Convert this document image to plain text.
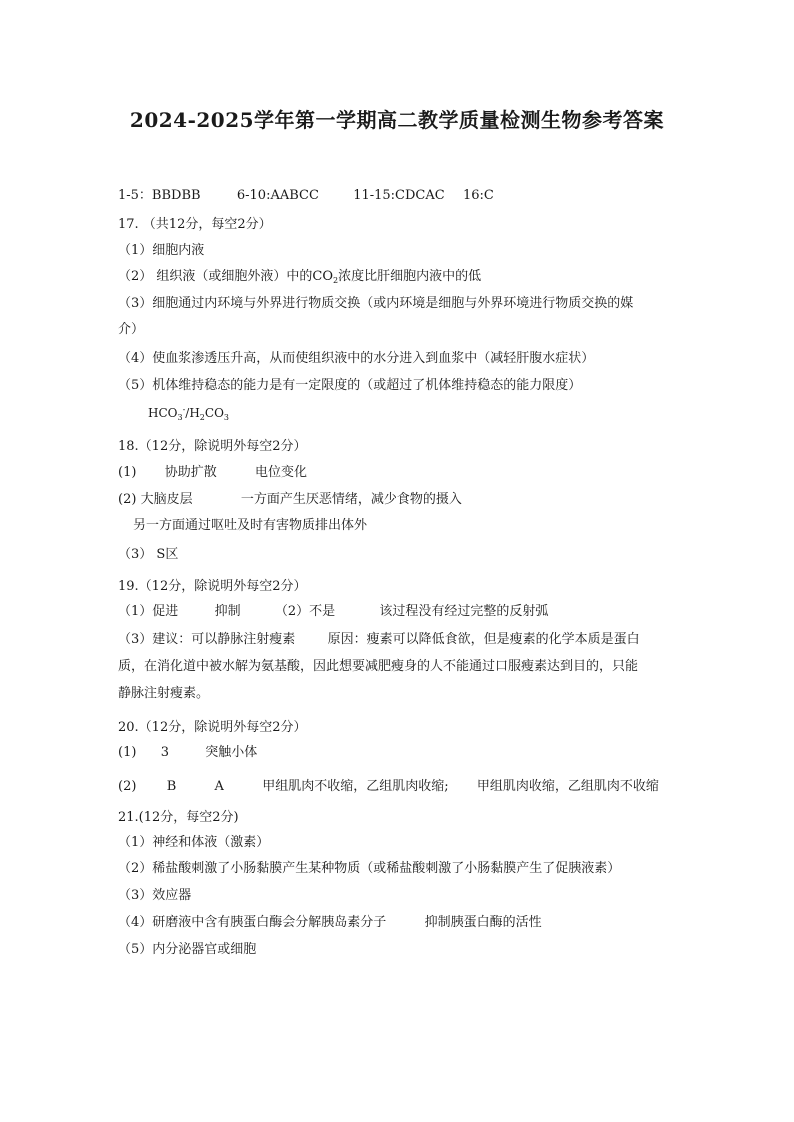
2024-2025学年第一学期高二教学质量检测生物参考答案
1-5：BBDBB	6-10:AABCC	11-15:CDCAC 16:C
17. （共12分，每空2分）
（1）细胞内液
（2） 组织液（或细胞外液）中的$CO_2$浓度比肝细胞内液中的低
（3）细胞通过内环境与外界进行物质交换（或内环境是细胞与外界环境进行物质交换的媒
介）
（4）使血浆渗透压升高，从而使组织液中的水分进入到血浆中（减轻肝腹水症状）
（5）机体维持稳态的能力是有一定限度的（或超过了机体维持稳态的能力限度）
$HCO_3^-/H_2CO_3$
18.（12分，除说明外每空2分）
(1) 协助扩散	电位变化
(2) 大脑皮层	一方面产生厌恶情绪，减少食物的摄入
另一方面通过呕吐及时有害物质排出体外
（3） S区
19.（12分，除说明外每空2分）
（1）促进	抑制	（2）不是	该过程没有经过完整的反射弧
（3）建议：可以静脉注射瘦素 原因：瘦素可以降低食欲，但是瘦素的化学本质是蛋白
质，在消化道中被水解为氨基酸，因此想要减肥瘦身的人不能通过口服瘦素达到目的，只能
静脉注射瘦素。
20.（12分，除说明外每空2分）
(1) 3	突触小体
(2) B	A	甲组肌肉不收缩，乙组肌肉收缩; 甲组肌肉收缩，乙组肌肉不收缩
21.(12分，每空2分)
（1）神经和体液（激素）
（2）稀盐酸刺激了小肠黏膜产生某种物质（或稀盐酸刺激了小肠黏膜产生了促胰液素）
（3）效应器
（4）研磨液中含有胰蛋白酶会分解胰岛素分子	抑制胰蛋白酶的活性
（5）内分泌器官或细胞
